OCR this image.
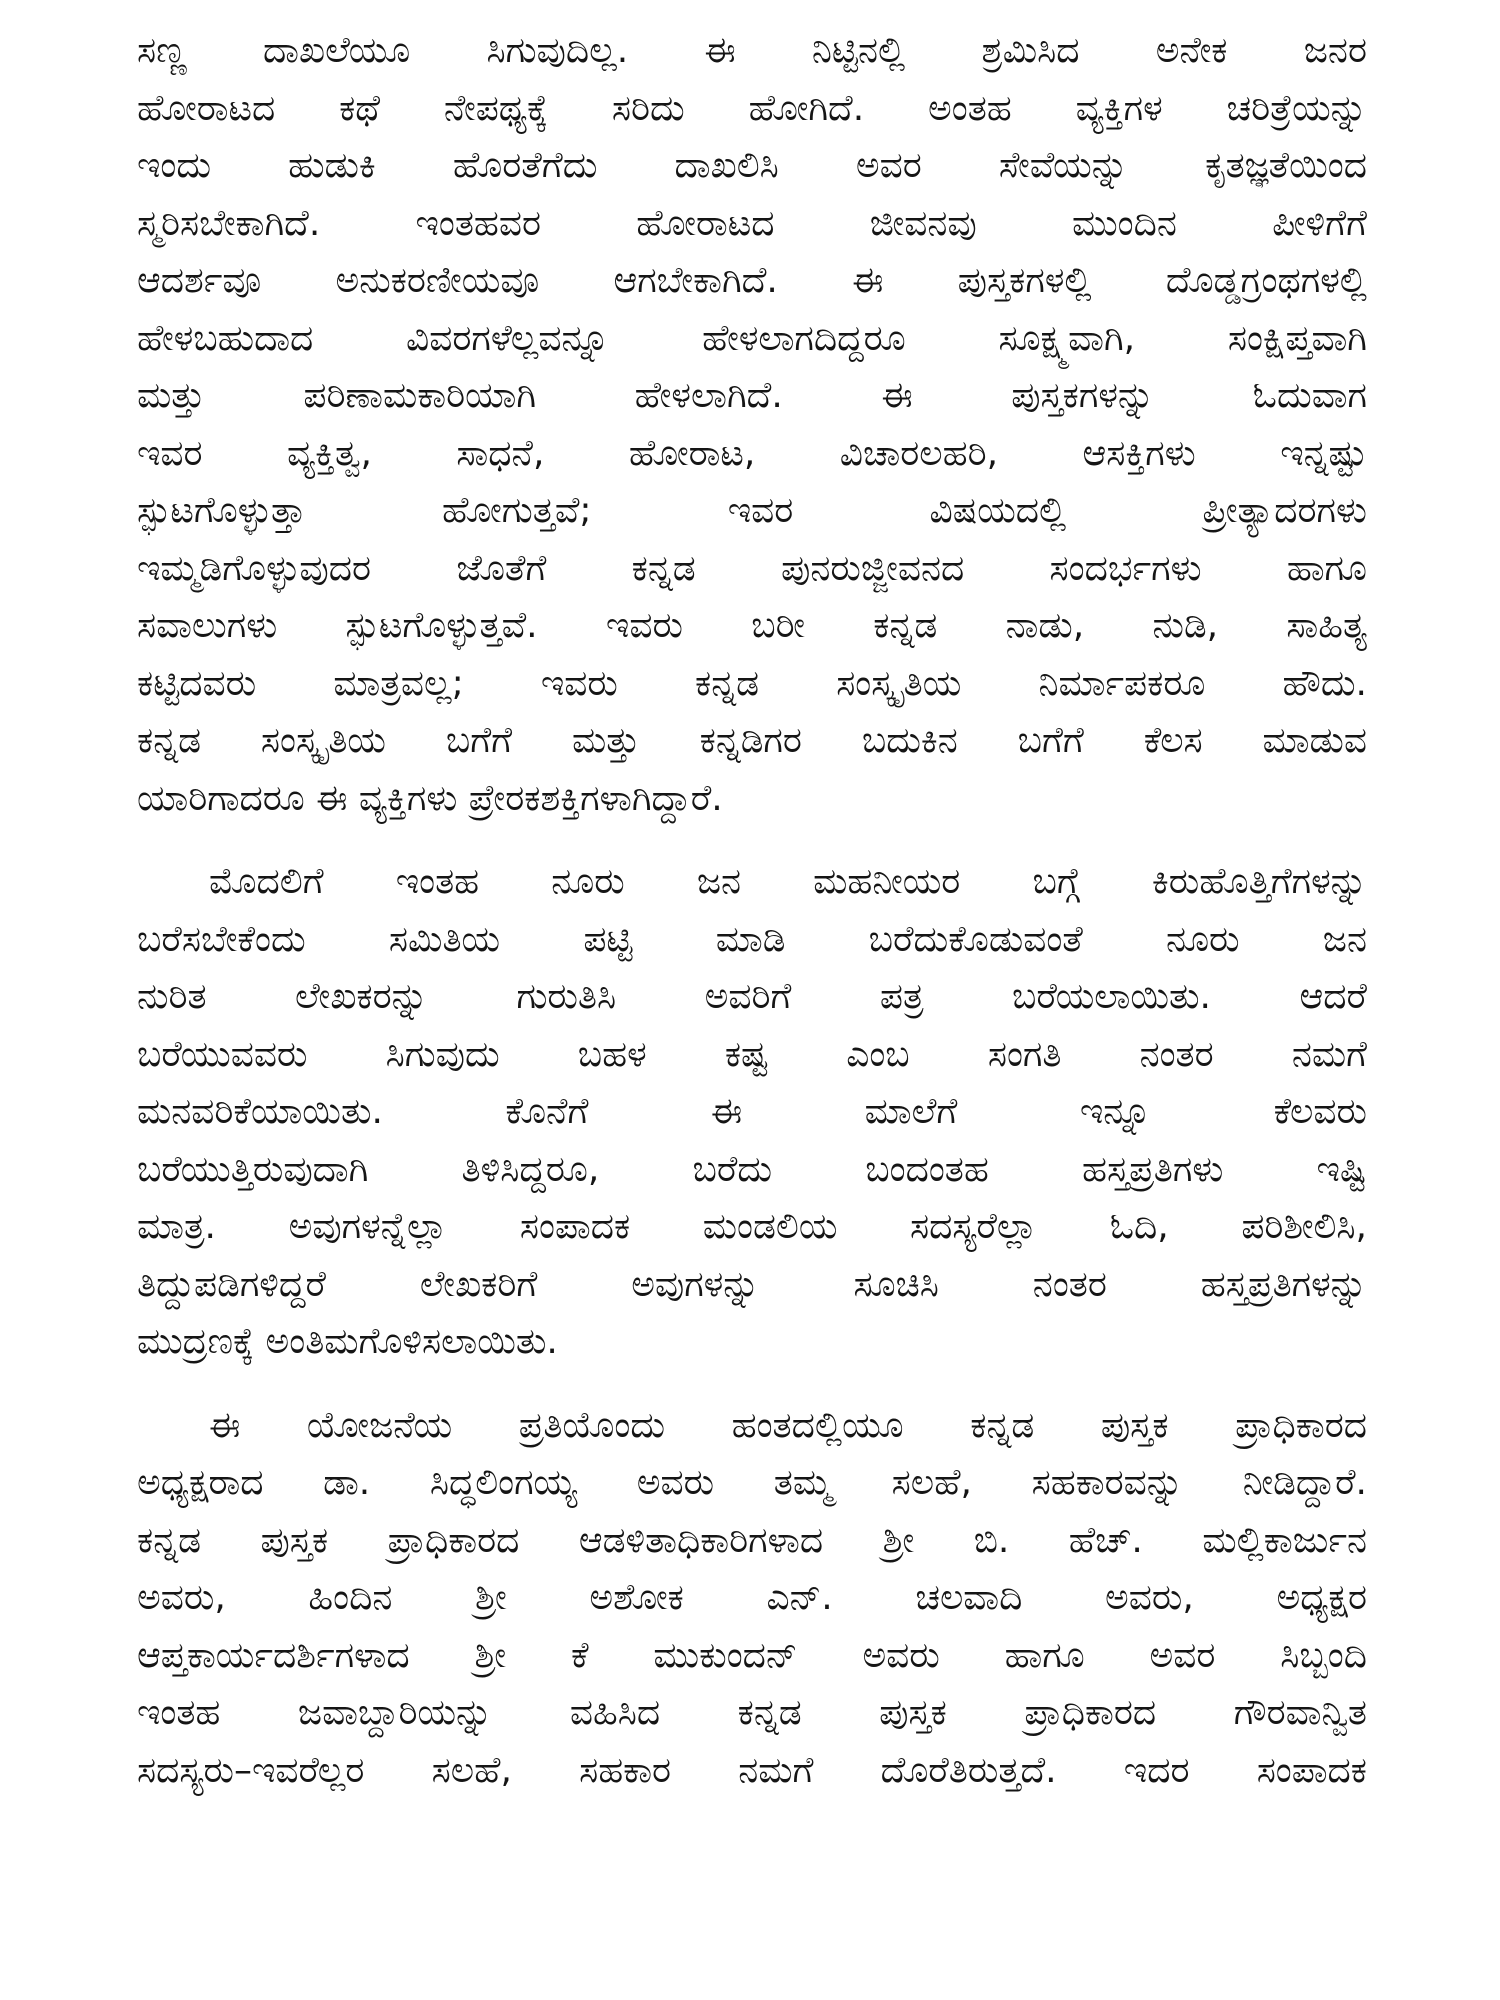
ಸಣ್ಣ ದಾಖಲೆಯೂ ಸಿಗುವುದಿಲ್ಲ. ಈ ನಿಟ್ಟಿನಲ್ಲಿ ಶ್ರಮಿಸಿದ ಅನೇಕ ಜನರ
ಹೋರಾಟದ ಕಥೆ ನೇಪಥ್ಯಕ್ಕೆ ಸರಿದು ಹೋಗಿದೆ. ಅಂತಹ ವ್ಯಕ್ತಿಗಳ ಚರಿತ್ರೆಯನ್ನು
ಇಂದು ಹುಡುಕಿ ಹೊರತೆಗೆದು ದಾಖಲಿಸಿ ಅವರ ಸೇವೆಯನ್ನು ಕೃತಜ್ಞತೆಯಿಂದ
ಸ್ಮರಿಸಬೇಕಾಗಿದೆ. ಇಂತಹವರ ಹೋರಾಟದ ಜೀವನವು ಮುಂದಿನ ಪೀಳಿಗೆಗೆ
ಆದರ್ಶವೂ ಅನುಕರಣೀಯವೂ ಆಗಬೇಕಾಗಿದೆ. ಈ ಪುಸ್ತಕಗಳಲ್ಲಿ ದೊಡ್ಡಗ್ರಂಥಗಳಲ್ಲಿ
ಹೇಳಬಹುದಾದ ವಿವರಗಳೆಲ್ಲವನ್ನೂ ಹೇಳಲಾಗದಿದ್ದರೂ ಸೂಕ್ಷ್ಮವಾಗಿ, ಸಂಕ್ಷಿಪ್ತವಾಗಿ
ಮತ್ತು ಪರಿಣಾಮಕಾರಿಯಾಗಿ ಹೇಳಲಾಗಿದೆ. ಈ ಪುಸ್ತಕಗಳನ್ನು ಓದುವಾಗ
ಇವರ ವ್ಯಕ್ತಿತ್ವ, ಸಾಧನೆ, ಹೋರಾಟ, ವಿಚಾರಲಹರಿ, ಆಸಕ್ತಿಗಳು ಇನ್ನಷ್ಟು
ಸ್ಫುಟಗೊಳ್ಳುತ್ತಾ ಹೋಗುತ್ತವೆ; ಇವರ ವಿಷಯದಲ್ಲಿ ಪ್ರೀತ್ಯಾದರಗಳು
ಇಮ್ಮಡಿಗೊಳ್ಳುವುದರ ಜೊತೆಗೆ ಕನ್ನಡ ಪುನರುಜ್ಜೀವನದ ಸಂದರ್ಭಗಳು ಹಾಗೂ
ಸವಾಲುಗಳು ಸ್ಫುಟಗೊಳ್ಳುತ್ತವೆ. ಇವರು ಬರೀ ಕನ್ನಡ ನಾಡು, ನುಡಿ, ಸಾಹಿತ್ಯ
ಕಟ್ಟಿದವರು ಮಾತ್ರವಲ್ಲ; ಇವರು ಕನ್ನಡ ಸಂಸ್ಕೃತಿಯ ನಿರ್ಮಾಪಕರೂ ಹೌದು.
ಕನ್ನಡ ಸಂಸ್ಕೃತಿಯ ಬಗೆಗೆ ಮತ್ತು ಕನ್ನಡಿಗರ ಬದುಕಿನ ಬಗೆಗೆ ಕೆಲಸ ಮಾಡುವ
ಯಾರಿಗಾದರೂ ಈ ವ್ಯಕ್ತಿಗಳು ಪ್ರೇರಕಶಕ್ತಿಗಳಾಗಿದ್ದಾರೆ.

ಮೊದಲಿಗೆ ಇಂತಹ ನೂರು ಜನ ಮಹನೀಯರ ಬಗ್ಗೆ ಕಿರುಹೊತ್ತಿಗೆಗಳನ್ನು
ಬರೆಸಬೇಕೆಂದು ಸಮಿತಿಯ ಪಟ್ಟಿ ಮಾಡಿ ಬರೆದುಕೊಡುವಂತೆ ನೂರು ಜನ
ನುರಿತ ಲೇಖಕರನ್ನು ಗುರುತಿಸಿ ಅವರಿಗೆ ಪತ್ರ ಬರೆಯಲಾಯಿತು. ಆದರೆ
ಬರೆಯುವವರು ಸಿಗುವುದು ಬಹಳ ಕಷ್ಟ ಎಂಬ ಸಂಗತಿ ನಂತರ ನಮಗೆ
ಮನವರಿಕೆಯಾಯಿತು. ಕೊನೆಗೆ ಈ ಮಾಲೆಗೆ ಇನ್ನೂ ಕೆಲವರು
ಬರೆಯುತ್ತಿರುವುದಾಗಿ ತಿಳಿಸಿದ್ದರೂ, ಬರೆದು ಬಂದಂತಹ ಹಸ್ತಪ್ರತಿಗಳು ಇಷ್ಟಿ
ಮಾತ್ರ. ಅವುಗಳನ್ನೆಲ್ಲಾ ಸಂಪಾದಕ ಮಂಡಲಿಯ ಸದಸ್ಯರೆಲ್ಲಾ ಓದಿ, ಪರಿಶೀಲಿಸಿ,
ತಿದ್ದುಪಡಿಗಳಿದ್ದರೆ ಲೇಖಕರಿಗೆ ಅವುಗಳನ್ನು ಸೂಚಿಸಿ ನಂತರ ಹಸ್ತಪ್ರತಿಗಳನ್ನು
ಮುದ್ರಣಕ್ಕೆ ಅಂತಿಮಗೊಳಿಸಲಾಯಿತು.

ಈ ಯೋಜನೆಯ ಪ್ರತಿಯೊಂದು ಹಂತದಲ್ಲಿಯೂ ಕನ್ನಡ ಪುಸ್ತಕ ಪ್ರಾಧಿಕಾರದ
ಅಧ್ಯಕ್ಷರಾದ ಡಾ. ಸಿದ್ಧಲಿಂಗಯ್ಯ ಅವರು ತಮ್ಮ ಸಲಹೆ, ಸಹಕಾರವನ್ನು ನೀಡಿದ್ದಾರೆ.
ಕನ್ನಡ ಪುಸ್ತಕ ಪ್ರಾಧಿಕಾರದ ಆಡಳಿತಾಧಿಕಾರಿಗಳಾದ ಶ್ರೀ ಬಿ. ಹೆಚ್. ಮಲ್ಲಿಕಾರ್ಜುನ
ಅವರು, ಹಿಂದಿನ ಶ್ರೀ ಅಶೋಕ ಎನ್. ಚಲವಾದಿ ಅವರು, ಅಧ್ಯಕ್ಷರ
ಆಪ್ತಕಾರ್ಯದರ್ಶಿಗಳಾದ ಶ್ರೀ ಕೆ ಮುಕುಂದನ್ ಅವರು ಹಾಗೂ ಅವರ ಸಿಬ್ಬಂದಿ
ಇಂತಹ ಜವಾಬ್ದಾರಿಯನ್ನು ವಹಿಸಿದ ಕನ್ನಡ ಪುಸ್ತಕ ಪ್ರಾಧಿಕಾರದ ಗೌರವಾನ್ವಿತ
ಸದಸ್ಯರು–ಇವರೆಲ್ಲರ ಸಲಹೆ, ಸಹಕಾರ ನಮಗೆ ದೊರೆತಿರುತ್ತದೆ. ಇದರ ಸಂಪಾದಕ
